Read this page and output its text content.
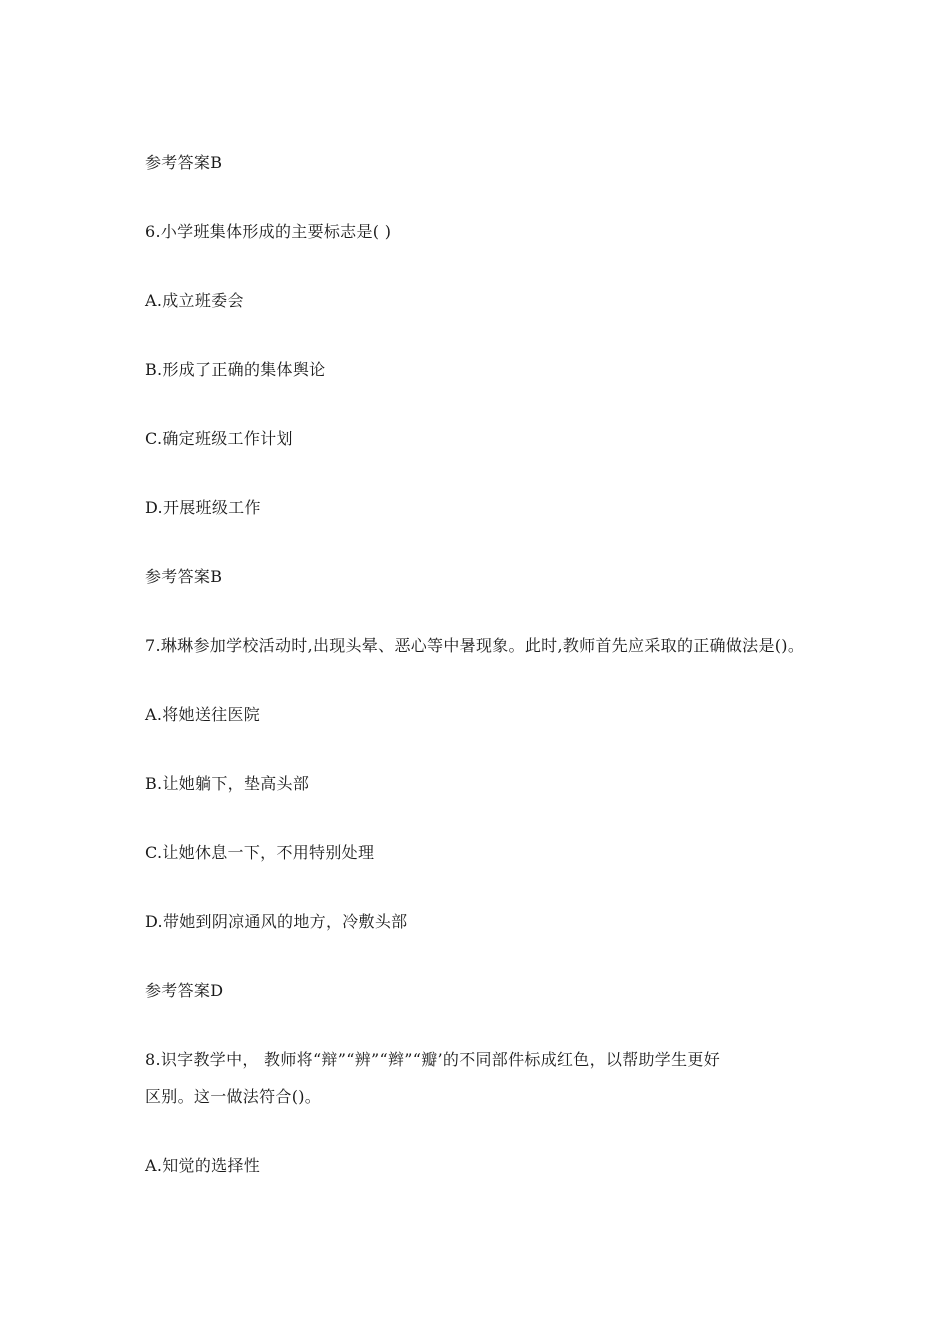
参考答案B
6.小学班集体形成的主要标志是( )
A.成立班委会
B.形成了正确的集体舆论
C.确定班级工作计划
D.开展班级工作
参考答案B
7.琳琳参加学校活动时,出现头晕、恶心等中暑现象。此时,教师首先应采取的正确做法是()。
A.将她送往医院
B.让她躺下，垫高头部
C.让她休息一下，不用特别处理
D.带她到阴凉通风的地方，冷敷头部
参考答案D
8.识字教学中， 教师将“辩”“辨”“辫”“瓣’的不同部件标成红色，以帮助学生更好
区别。这一做法符合()。
A.知觉的选择性
